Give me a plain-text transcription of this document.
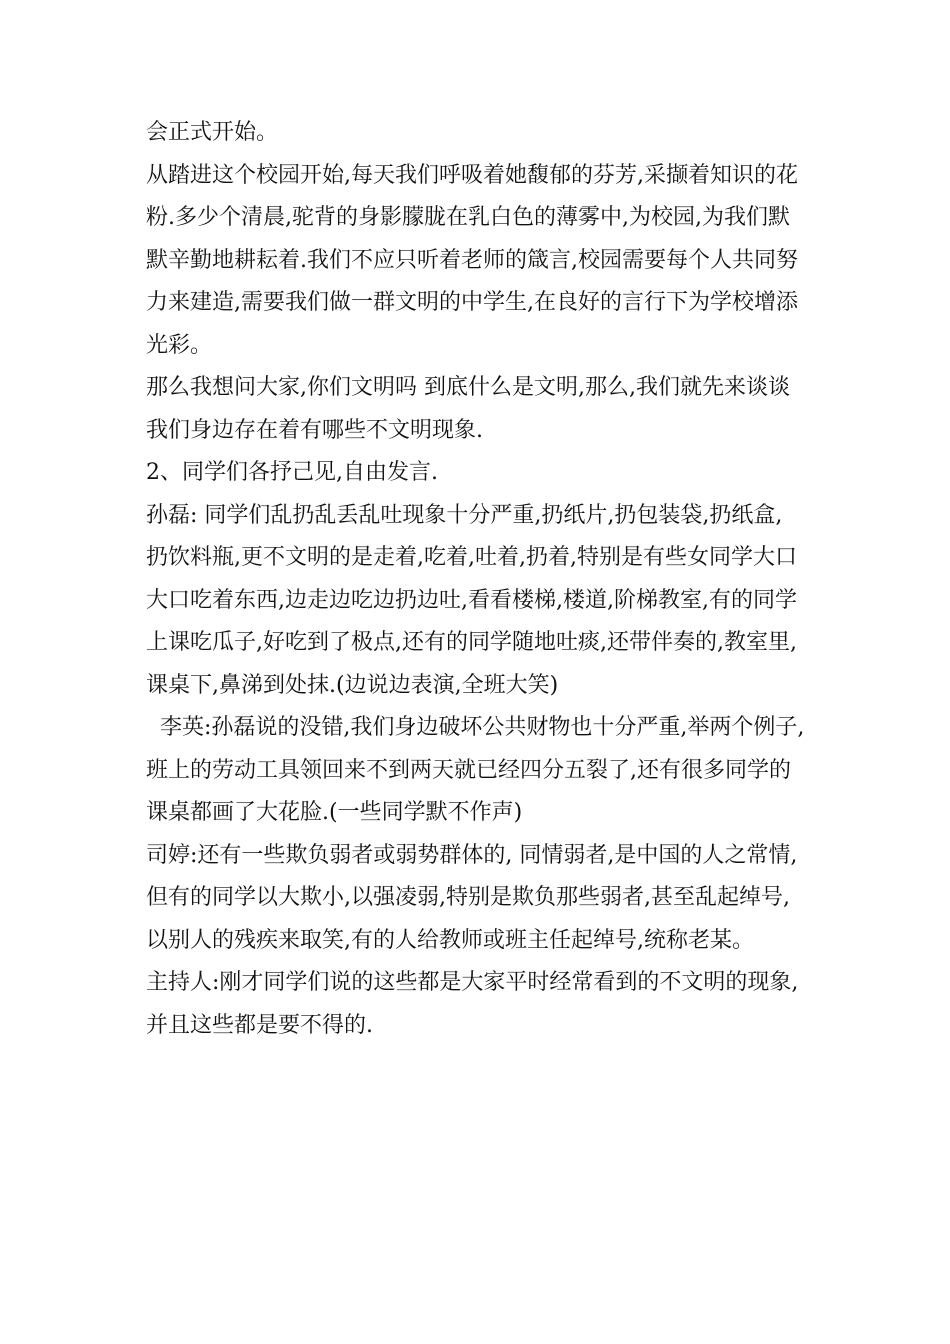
会正式开始。
从踏进这个校园开始,每天我们呼吸着她馥郁的芬芳,采撷着知识的花
粉.多少个清晨,驼背的身影朦胧在乳白色的薄雾中,为校园,为我们默
默辛勤地耕耘着.我们不应只听着老师的箴言,校园需要每个人共同努
力来建造,需要我们做一群文明的中学生,在良好的言行下为学校增添
光彩。
那么我想问大家,你们文明吗 到底什么是文明,那么,我们就先来谈谈
我们身边存在着有哪些不文明现象.
2、同学们各抒己见,自由发言.
孙磊: 同学们乱扔乱丢乱吐现象十分严重,扔纸片,扔包装袋,扔纸盒,
扔饮料瓶,更不文明的是走着,吃着,吐着,扔着,特别是有些女同学大口
大口吃着东西,边走边吃边扔边吐,看看楼梯,楼道,阶梯教室,有的同学
上课吃瓜子,好吃到了极点,还有的同学随地吐痰,还带伴奏的,教室里,
课桌下,鼻涕到处抹.(边说边表演,全班大笑)
李英:孙磊说的没错,我们身边破坏公共财物也十分严重,举两个例子,
班上的劳动工具领回来不到两天就已经四分五裂了,还有很多同学的
课桌都画了大花脸.(一些同学默不作声)
司婷:还有一些欺负弱者或弱势群体的, 同情弱者,是中国的人之常情,
但有的同学以大欺小,以强凌弱,特别是欺负那些弱者,甚至乱起绰号,
以别人的残疾来取笑,有的人给教师或班主任起绰号,统称老某。
主持人:刚才同学们说的这些都是大家平时经常看到的不文明的现象,
并且这些都是要不得的.
